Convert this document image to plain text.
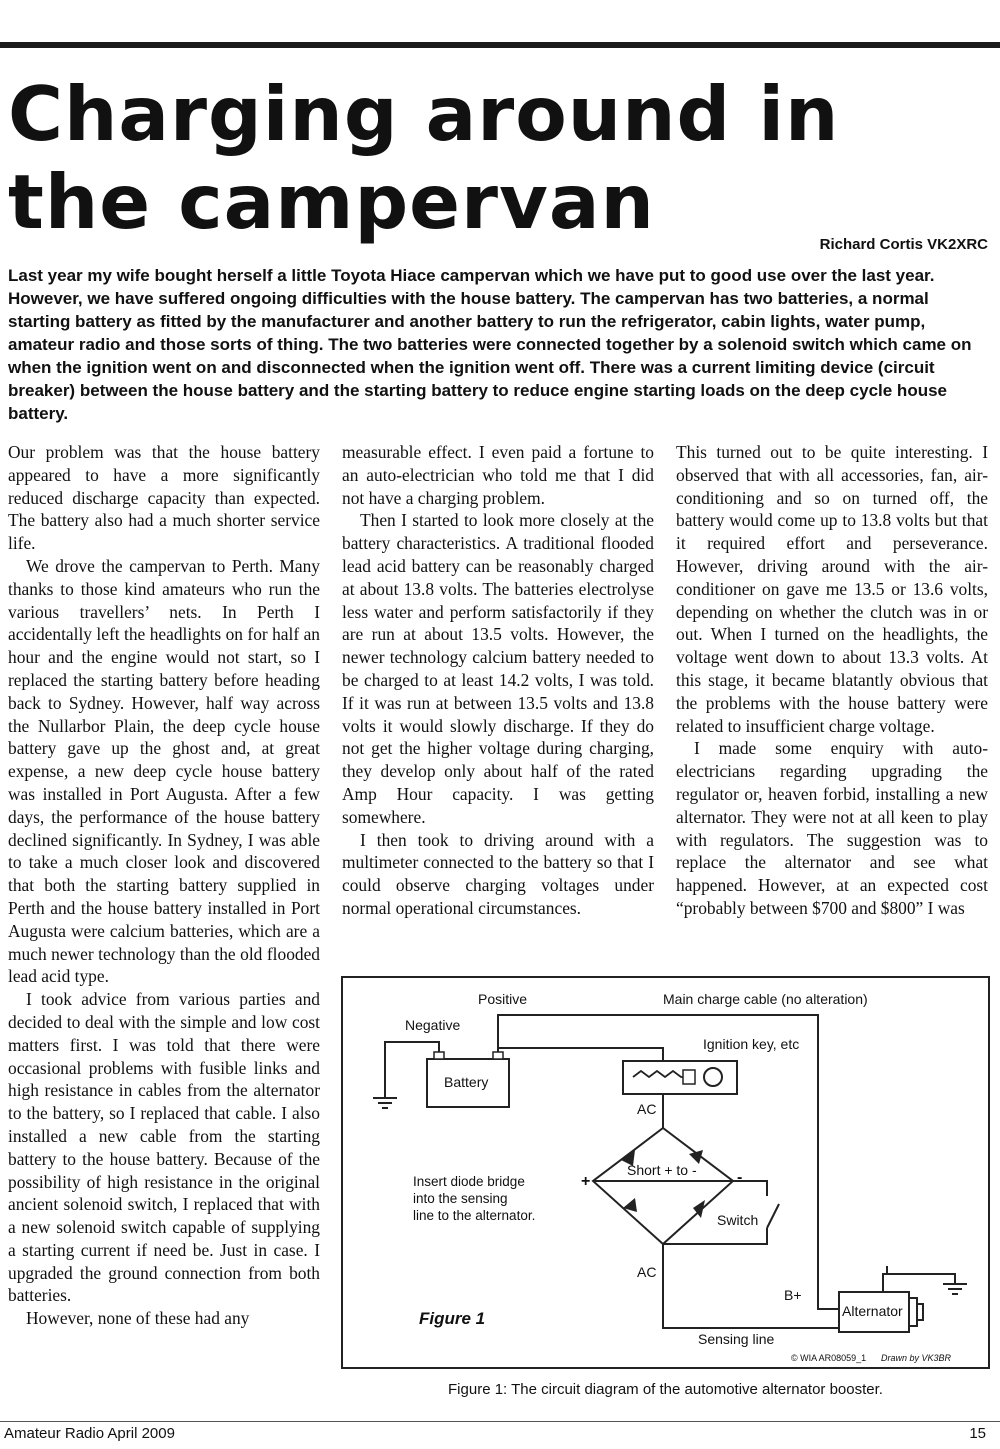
Charging around in the campervan	Richard Cortis VK2XRC

Last year my wife bought herself a little Toyota Hiace campervan which we have put to good use over the last year. However, we have suffered ongoing difficulties with the house battery. The campervan has two batteries, a normal starting battery as fitted by the manufacturer and another battery to run the refrigerator, cabin lights, water pump, amateur radio and those sorts of thing. The two batteries were connected together by a solenoid switch which came on when the ignition went on and disconnected when the ignition went off. There was a current limiting device (circuit breaker) between the house battery and the starting battery to reduce engine starting loads on the deep cycle house battery.

Our problem was that the house battery appeared to have a more significantly reduced discharge capacity than expected. The battery also had a much shorter service life.

We drove the campervan to Perth. Many thanks to those kind amateurs who run the various travellers’ nets. In Perth I accidentally left the headlights on for half an hour and the engine would not start, so I replaced the starting battery before heading back to Sydney. However, half way across the Nullarbor Plain, the deep cycle house battery gave up the ghost and, at great expense, a new deep cycle house battery was installed in Port Augusta. After a few days, the performance of the house battery declined significantly. In Sydney, I was able to take a much closer look and discovered that both the starting battery supplied in Perth and the house battery installed in Port Augusta were calcium batteries, which are a much newer technology than the old flooded lead acid type.

I took advice from various parties and decided to deal with the simple and low cost matters first. I was told that there were occasional problems with fusible links and high resistance in cables from the alternator to the battery, so I replaced that cable. I also installed a new cable from the starting battery to the house battery. Because of the possibility of high resistance in the original ancient solenoid switch, I replaced that with a new solenoid switch capable of supplying a starting current if need be. Just in case. I upgraded the ground connection from both batteries.

However, none of these had any

measurable effect. I even paid a fortune to an auto-electrician who told me that I did not have a charging problem.

Then I started to look more closely at the battery characteristics. A traditional flooded lead acid battery can be reasonably charged at about 13.8 volts. The batteries electrolyse less water and perform satisfactorily if they are run at about 13.5 volts. However, the newer technology calcium battery needed to be charged to at least 14.2 volts, I was told. If it was run at between 13.5 volts and 13.8 volts it would slowly discharge. If they do not get the higher voltage during charging, they develop only about half of the rated Amp Hour capacity. I was getting somewhere.

I then took to driving around with a multimeter connected to the battery so that I could observe charging voltages under normal operational circumstances.

This turned out to be quite interesting. I observed that with all accessories, fan, air-conditioning and so on turned off, the battery would come up to 13.8 volts but that it required effort and perseverance. However, driving around with the air-conditioner on gave me 13.5 or 13.6 volts, depending on whether the clutch was in or out. When I turned on the headlights, the voltage went down to about 13.3 volts. At this stage, it became blatantly obvious that the problems with the house battery were related to insufficient charge voltage.

I made some enquiry with auto-electricians regarding upgrading the regulator or, heaven forbid, installing a new alternator. They were not at all keen to play with regulators. The suggestion was to replace the alternator and see what happened. However, at an expected cost “probably between $700 and $800” I was

Positive	Main charge cable (no alteration)
Negative
Battery
Ignition key, etc
AC
Short + to -
+	-
Insert diode bridge
into the sensing
line to the alternator.	Switch
AC
B+
Alternator
Figure 1
Sensing line
© WIA AR08059_1 Drawn by VK3BR

Figure 1: The circuit diagram of the automotive alternator booster.

Amateur Radio April 2009	15
